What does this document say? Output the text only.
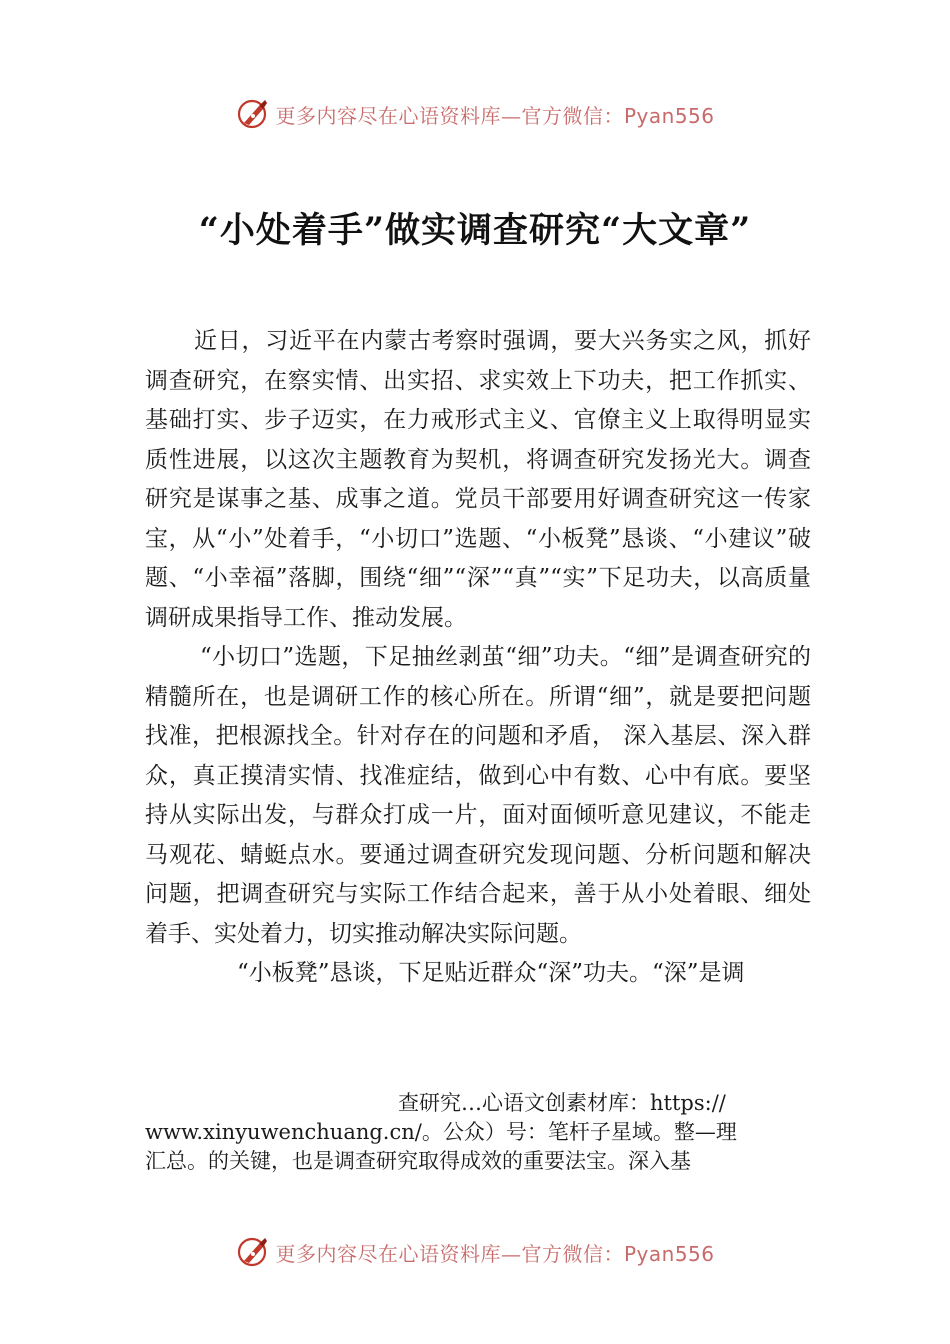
更多内容尽在心语资料库—官方微信：Pyan556
“小处着手”做实调查研究“大文章”

近日，习近平在内蒙古考察时强调，要大兴务实之风，抓好调查研究，在察实情、出实招、求实效上下功夫，把工作抓实、基础打实、步子迈实，在力戒形式主义、官僚主义上取得明显实质性进展，以这次主题教育为契机，将调查研究发扬光大。调查研究是谋事之基、成事之道。党员干部要用好调查研究这一传家宝，从“小”处着手，“小切口”选题、“小板凳”恳谈、“小建议”破题、“小幸福”落脚，围绕“细”“深”“真”“实”下足功夫，以高质量调研成果指导工作、推动发展。

“小切口”选题，下足抽丝剥茧“细”功夫。“细”是调查研究的精髓所在，也是调研工作的核心所在。所谓“细”，就是要把问题找准，把根源找全。针对存在的问题和矛盾， 深入基层、深入群众，真正摸清实情、找准症结，做到心中有数、心中有底。要坚持从实际出发，与群众打成一片，面对面倾听意见建议，不能走马观花、蜻蜓点水。要通过调查研究发现问题、分析问题和解决问题，把调查研究与实际工作结合起来，善于从小处着眼、细处着手、实处着力，切实推动解决实际问题。

“小板凳”恳谈，下足贴近群众“深”功夫。“深”是调

查研究…心语文创素材库：https://

www.xinyuwenchuang.cn/。公众）号：笔杆子星域。整—理

汇总。的关键，也是调查研究取得成效的重要法宝。深入基

更多内容尽在心语资料库—官方微信：Pyan556
